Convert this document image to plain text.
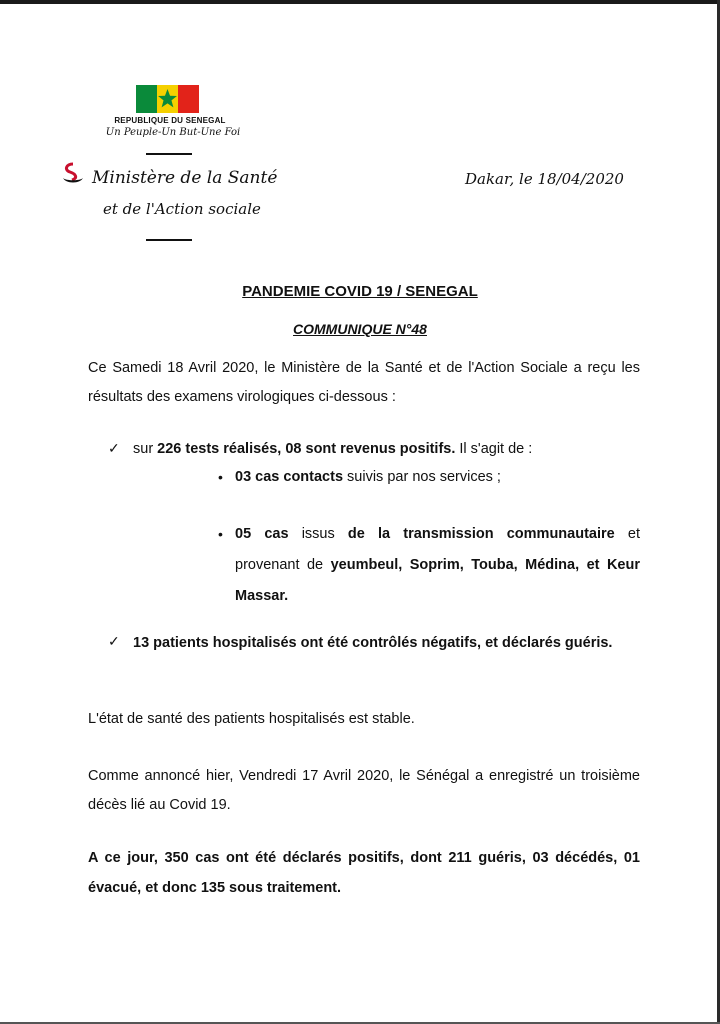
REPUBLIQUE DU SENEGAL
Un Peuple-Un But-Une Foi
Ministère de la Santé
et de l'Action sociale
Dakar, le 18/04/2020
PANDEMIE COVID 19 / SENEGAL
COMMUNIQUE N°48
Ce Samedi 18 Avril 2020, le Ministère de la Santé et de l'Action Sociale a reçu les résultats des examens virologiques ci-dessous :
✓ sur 226 tests réalisés, 08 sont revenus positifs. Il s'agit de :
• 03 cas contacts suivis par nos services ;
• 05 cas issus de la transmission communautaire et provenant de yeumbeul, Soprim, Touba, Médina, et Keur Massar.
✓ 13 patients hospitalisés ont été contrôlés négatifs, et déclarés guéris.
L'état de santé des patients hospitalisés est stable.
Comme annoncé hier, Vendredi 17 Avril 2020, le Sénégal a enregistré un troisième décès lié au Covid 19.
A ce jour, 350 cas ont été déclarés positifs, dont 211 guéris, 03 décédés, 01 évacué, et donc 135 sous traitement.
